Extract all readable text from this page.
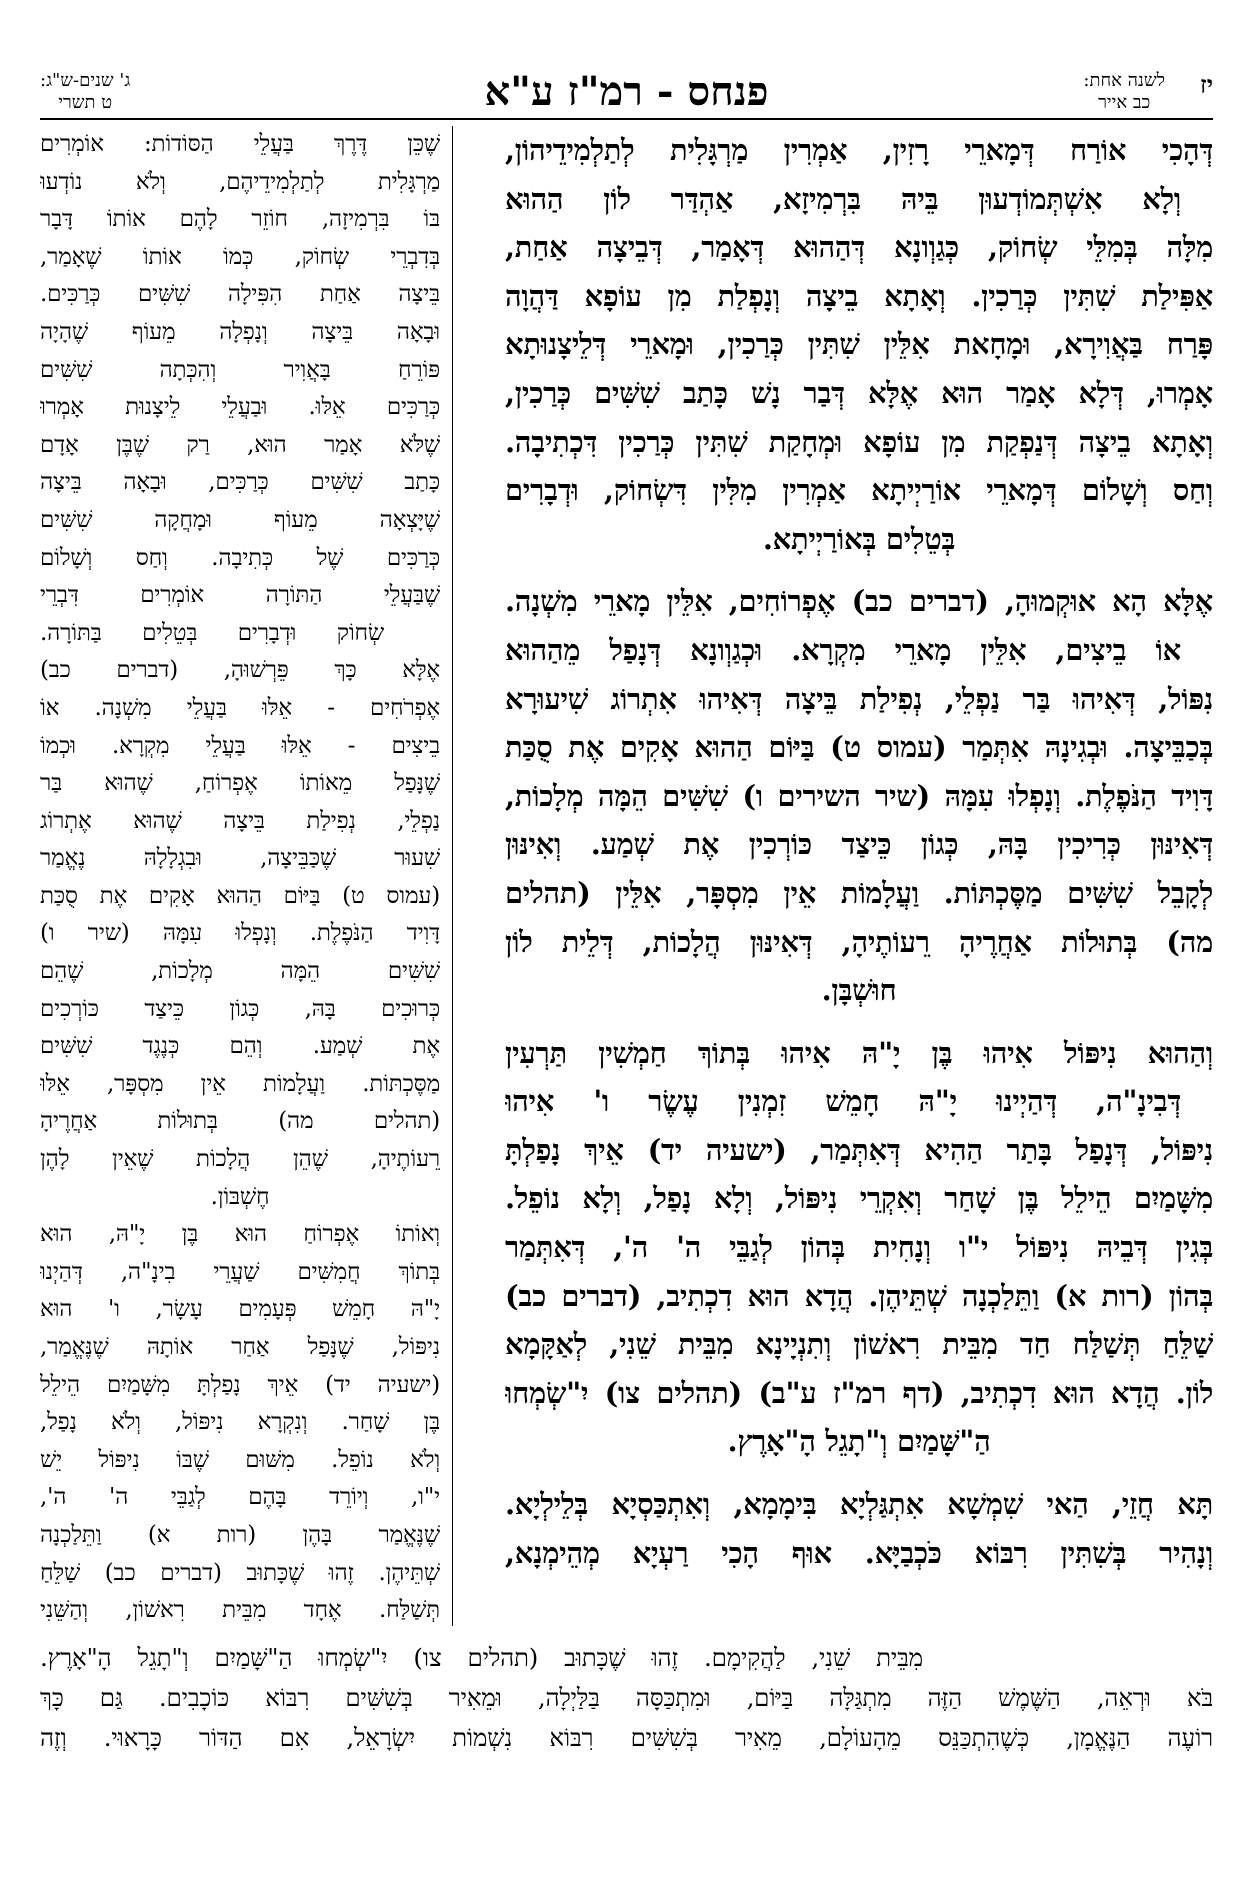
יז
לשנה אחת:
כב אייר
פנחס - רמ"ז ע"א
ג' שנים-ש"ג:
ט תשרי
דְּהָכִי אוֹרַח דְּמָארֵי רָזִין, אַמְרִין מַרְגָּלִית לְתַלְמִידֵיהוֹן,
וְלָא אִשְׁתְּמוֹדְעוּן בֵּיהּ בִּרְמִיזָא, אַהְדַּר לוֹן הַהוּא
מִלָּה בְּמִלֵּי שְׂחוֹק, כְּגַוְונָא דְּהַהוּא דְּאָמַר, דְּבֵיצָה אַחַת,
אַפִּילַת שִׁתִּין כְּרַכִין. וְאָתָא בֵיצָה וְנָפְלַת מִן עוֹפָא דַּהֲוָה
פָּרַח בַּאֲוִירָא, וּמָחָאת אִלֵּין שִׁתִּין כְּרַכִין, וּמָארֵי דְּלֵיצָנוּתָא
אָמְרוּ, דְּלָא אָמַר הוּא אֶלָּא דְּבַר נָשׁ כָּתַב שִׁשִּׁים כְּרַכִין,
וְאָתָא בֵיצָה דְּנַפְקַת מִן עוֹפָא וּמְחָקַת שִׁתִּין כְּרַכִין דִּכְתִיבָה.
וְחַס וְשָׁלוֹם דְּמָארֵי אוֹרַיְיתָא אַמְרִין מִלִּין דִּשְׂחוֹק, וּדְבָרִים
בְּטֵלִים בְּאוֹרַיְיתָא.
אֶלָּא הָא אוּקְמוּהָ, (דברים כב) אֶפְרוֹחִים, אִלֵּין מָארֵי מִשְׁנָה.
אוֹ בֵיצִים, אִלֵּין מָארֵי מִקְרָא. וּכְגַוְונָא דְּנָפַל מֵהַהוּא
נִפּוֹל, דְּאִיהוּ בַּר נַפְלֵי, נְפִילַת בֵּיצָה דְּאִיהוּ אִתְרוֹג שִׁיעוּרָא
בְּכַבֵּיצָה. וּבְגִינָהּ אִתְּמַר (עמוס ט) בַּיּוֹם הַהוּא אָקִים אֶת סֻכַּת
דָּוִיד הַנֹּפֶלֶת. וְנָפְלוּ עִמָּהּ (שיר השירים ו) שִׁשִּׁים הֵמָּה מְלָכוֹת,
דְּאִינּוּן כְּרִיכִין בָּהּ, כְּגוֹן כֵּיצַד כּוֹרְכִין אֶת שְׁמַע. וְאִינּוּן
לְקָבֵל שִׁשִּׁים מַסֶּכְתּוֹת. וַעֲלָמוֹת אֵין מִסְפָּר, אִלֵּין (תהלים
מה) בְּתוּלוֹת אַחֲרֶיהָ רֵעוֹתֶיהָ, דְּאִינּוּן הֲלָכוֹת, דְּלֵית לוֹן
חוּשְׁבָּן.
וְהַהוּא נִיפּוֹל אִיהוּ בֶּן יָ"הּ אִיהוּ בְּתוֹךְ חַמְשִׁין תַּרְעִין
דְּבִינָ"ה, דְּהַיְינוּ יָ"הּ חָמֵשׁ זִמְנִין עֶשֶׂר ו' אִיהוּ
נִיפּוֹל, דְּנָפַל בָּתַר הַהִיא דְּאִתְּמַר, (ישעיה יד) אֵיךְ נָפַלְתָּ
מִשָּׁמַיִם הֵילֵל בֶּן שָׁחַר וְאִקְרֵי נִיפּוֹל, וְלָא נָפַל, וְלָא נוֹפֵל.
בְּגִין דְּבֵיהּ נִיפּוֹל י"ו וְנָחִית בְּהוֹן לְגַבֵּי ה' ה', דְּאִתְּמַר
בְּהוֹן (רות א) וַתֵּלַכְנָה שְׁתֵּיהֶן. הֲדָא הוּא דִכְתִיב, (דברים כב)
שַׁלֵּחַ תְּשַׁלַּח חַד מִבֵּית רִאשׁוֹן וְתִנְיָינָא מִבֵּית שֵׁנִי, לְאַקָּמָא
לוֹן. הֲדָא הוּא דִכְתִיב, (דף רמ"ז ע"ב) (תהלים צו) יִ"שְׂמְחוּ
הַ"שָּׁמַיִם וְ"תָגֵל הָ"אָרֶץ.
תָּא חֲזֵי, הַאי שִׁמְשָׁא אִתְגַּלְיָא בִּימָמָא, וְאִתְכַּסְיָא בְּלֵילְיָא.
וְנָהִיר בְּשִׁתִּין רִבּוֹא כֹּכְבַיָּא. אוּף הָכִי רַעְיָא מְהֵימְנָא,
שֶׁכֵּן דֶּרֶךְ בַּעֲלֵי הַסּוֹדוֹת: אוֹמְרִים
מַרְגָּלִית לְתַלְמִידֵיהֶם, וְלֹא נוֹדְעוּ
בּוֹ בִּרְמִיזָה, חוֹזֵר לָהֶם אוֹתוֹ דָּבָר
בְּדִבְרֵי שְׂחוֹק, כְּמוֹ אוֹתוֹ שֶׁאָמַר,
בֵּיצָה אַחַת הִפִּילָה שִׁשִּׁים כְּרַכִּים.
וּבָאָה בֵּיצָה וְנָפְלָה מֵעוֹף שֶׁהָיָה
פּוֹרֵחַ בָּאֲוִיר וְהִכְּתָה שִׁשִּׁים
כְּרַכִּים אֵלּוּ. וּבַעֲלֵי לֵיצָנוּת אָמְרוּ
שֶׁלֹּא אָמַר הוּא, רַק שֶׁבֶּן אָדָם
כָּתַב שִׁשִּׁים כְּרַכִּים, וּבָאָה בֵּיצָה
שֶׁיָּצְאָה מֵעוֹף וּמָחֲקָה שִׁשִּׁים
כְּרַכִּים שֶׁל כְּתִיבָה. וְחַס וְשָׁלוֹם
שֶׁבַּעֲלֵי הַתּוֹרָה אוֹמְרִים דִּבְרֵי
שְׂחוֹק וּדְבָרִים בְּטֵלִים בַּתּוֹרָה.
אֶלָּא כָּךְ פֵּרְשׁוּהָ, (דברים כב)
אֶפְרֹחִים - אֵלּוּ בַּעֲלֵי מִשְׁנָה. אוֹ
בֵיצִים - אֵלּוּ בַּעֲלֵי מִקְרָא. וּכְמוֹ
שֶׁנָּפַל מֵאוֹתוֹ אֶפְרוֹחַ, שֶׁהוּא בַּר
נַפְלֵי, נְפִילַת בֵּיצָה שֶׁהוּא אֶתְרוֹג
שִׁעוּר שֶׁכַּבֵּיצָה, וּבִגְלָלָהּ נֶאֱמַר
(עמוס ט) בַּיּוֹם הַהוּא אָקִים אֶת סֻכַּת
דָּוִיד הַנֹּפֶלֶת. וְנָפְלוּ עִמָּהּ (שיר ו)
שִׁשִּׁים הֵמָּה מְלָכוֹת, שֶׁהֵם
כְּרוּכִים בָּהּ, כְּגוֹן כֵּיצַד כּוֹרְכִים
אֶת שְׁמַע. וְהֵם כְּנֶגֶד שִׁשִּׁים
מַסֶּכְתּוֹת. וַעֲלָמוֹת אֵין מִסְפָּר, אֵלּוּ
(תהלים מה) בְּתוּלוֹת אַחֲרֶיהָ
רֵעוֹתֶיהָ, שֶׁהֵן הֲלָכוֹת שֶׁאֵין לָהֶן
חֶשְׁבּוֹן.
וְאוֹתוֹ אֶפְרוֹחַ הוּא בֶּן יָ"הּ, הוּא
בְּתוֹךְ חֲמִשִּׁים שַׁעֲרֵי בִינָ"ה, דְּהַיְנוּ
יָ"הּ חָמֵשׁ פְּעָמִים עָשָׂר, ו' הוּא
נִיפּוֹל, שֶׁנָּפַל אַחַר אוֹתָהּ שֶׁנֶּאֱמַר,
(ישעיה יד) אֵיךְ נָפַלְתָּ מִשָּׁמַיִם הֵילֵל
בֶּן שָׁחַר. וְנִקְרָא נִיפּוֹל, וְלֹא נָפַל,
וְלֹא נוֹפֵל. מִשּׁוּם שֶׁבּוֹ נִיפּוֹל יֵשׁ
י"ו, וְיוֹרֵד בָּהֶם לְגַבֵּי ה' ה',
שֶׁנֶּאֱמַר בָּהֶן (רות א) וַתֵּלַכְנָה
שְׁתֵּיהֶן. זֶהוּ שֶׁכָּתוּב (דברים כב) שַׁלֵּחַ
תְּשַׁלַּח. אֶחָד מִבֵּית רִאשׁוֹן, וְהַשֵּׁנִי
מִבֵּית שֵׁנִי, לַהֲקִימָם. זֶהוּ שֶׁכָּתוּב (תהלים צו) יִ"שְׂמְחוּ הַ"שָּׁמַיִם וְ"תָגֵל הָ"אָרֶץ.
בֹּא וּרְאֵה, הַשֶּׁמֶשׁ הַזֶּה מִתְגַּלָּה בַּיּוֹם, וּמִתְכַּסָּה בַּלַּיְלָה, וּמֵאִיר בְּשִׁשִּׁים רִבּוֹא כּוֹכָבִים. גַּם כָּךְ
רוֹעֶה הַנֶּאֱמָן, כְּשֶׁהִתְכַּנֵּס מֵהָעוֹלָם, מֵאִיר בְּשִׁשִּׁים רִבּוֹא נִשְׁמוֹת יִשְׂרָאֵל, אִם הַדּוֹר כָּרָאוּי. וְזֶה
